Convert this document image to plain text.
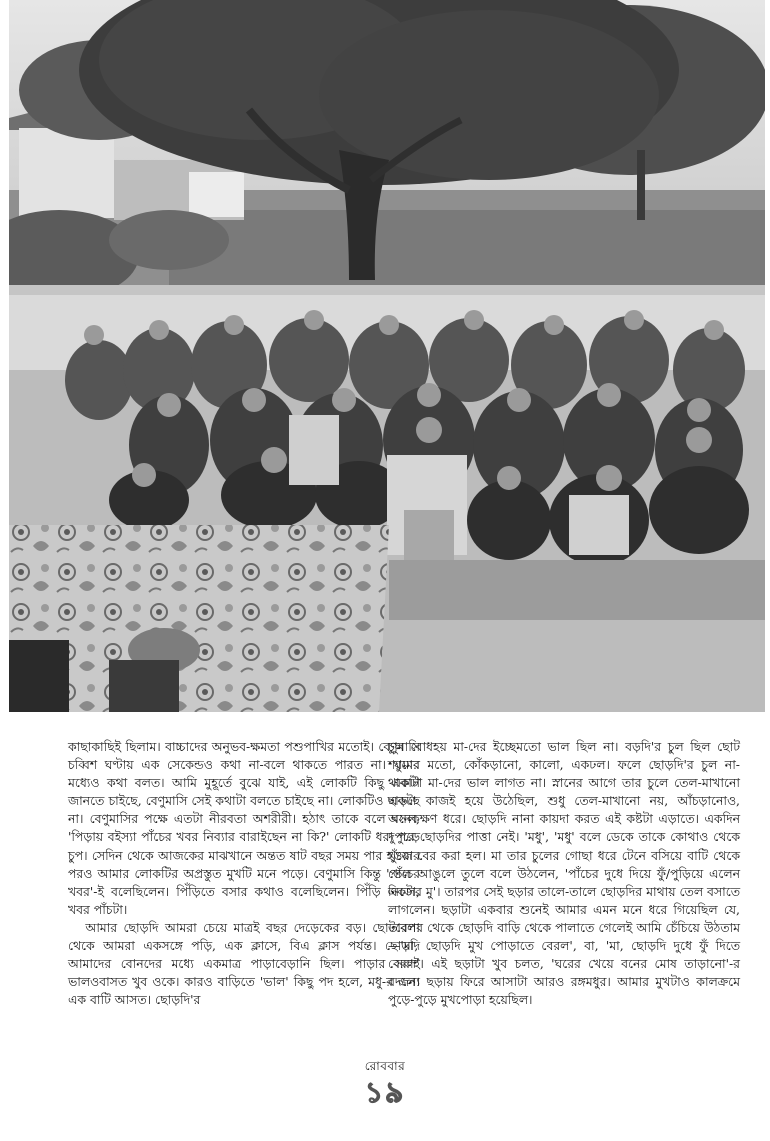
কাছাকাছিই ছিলাম। বাচ্চাদের অনুভব-ক্ষমতা পশুপাখির মতোই। বেণুমাসি চব্বিশ ঘণ্টায় এক সেকেন্ডও কথা না-বলে থাকতে পারত না। ঘুমের মধ্যেও কথা বলত। আমি মুহূর্তে বুঝে যাই, এই লোকটি কিছু একটা জানতে চাইছে, বেণুমাসি সেই কথাটা বলতে চাইছে না। লোকটিও ছাড়ছে না। বেণুমাসির পক্ষে এতটা নীরবতা অশরীরী। হঠাৎ তাকে বলে বসল, 'পিড়ায় বইস্যা পাঁচের খবর নিব্যার বারাইছেন না কি?' লোকটি ধরা পড়ে চুপ। সেদিন থেকে আজকের মাঝখানে অন্তত ষাট বছর সময় পার হওয়ার পরও আমার লোকটির অপ্রস্তুত মুখটি মনে পড়ে। বেণুমাসি কিন্তু 'পাঁচের খবর'-ই বলেছিলেন। পিঁড়িতে বসার কথাও বলেছিলেন। পিঁড়ি একটা, খবর পাঁচটা।

আমার ছোড়দি আমরা চেয়ে মাত্রই বছর দেড়েকের বড়। ছোটবেলা থেকে আমরা একসঙ্গে পড়ি, এক ক্লাসে, বিএ ক্লাস পর্যন্ত। ছোড়দি আমাদের বোনদের মধ্যে একমাত্র পাড়াবেড়ানি ছিল। পাড়ার সবাই ভালওবাসত খুব ওকে। কারও বাড়িতে 'ভাল' কিছু পদ হলে, মধু-র জন্য এক বাটি আসত। ছোড়দি'র

চুল বোধহয় মা-দের ইচ্ছেমতো ভাল ছিল না। বড়দি'র চুল ছিল ছোট শ্যামার মতো, কোঁকড়ানো, কালো, একঢল। ফলে ছোড়দি'র চুল না-থাকাটা মা-দের ভাল লাগত না। স্নানের আগে তার চুলে তেল-মাখানো একটা কাজই হয়ে উঠেছিল, শুধু তেল-মাখানো নয়, আঁচড়ানোও, অনেকক্ষণ ধরে। ছোড়দি নানা কায়দা করত এই কষ্টটা এড়াতে। একদিন দুপুরে ছোড়দির পাত্তা নেই। 'মধু', 'মধু' বলে ডেকে তাকে কোথাও থেকে খুঁজে বের করা হল। মা তার চুলের গোছা ধরে টেনে বসিয়ে বাটি থেকে তেল আঙুলে তুলে বলে উঠলেন, 'পাঁচের দুধে দিয়ে ফুঁ/পুড়িয়ে এলেন নিজের মু'। তারপর সেই ছড়ার তালে-তালে ছোড়দির মাথায় তেল বসাতে লাগলেন। ছড়াটা একবার শুনেই আমার এমন মনে ধরে গিয়েছিল যে, তারপর থেকে ছোড়দি বাড়ি থেকে পালাতে গেলেই আমি চেঁচিয়ে উঠতাম—'মা, ছোড়দি মুখ পোড়াতে বেরল', বা, 'মা, ছোড়দি দুধে ফুঁ দিতে বেরল'। এই ছড়াটা খুব চলত, 'ঘরের খেয়ে বনের মোষ তাড়ানো'-র বদলে। ছড়ায় ফিরে আসাটা আরও রঙ্গমধুর। আমার মুখটাও কালক্রমে পুড়ে-পুড়ে মুখপোড়া হয়েছিল।

রোববার
১৯
